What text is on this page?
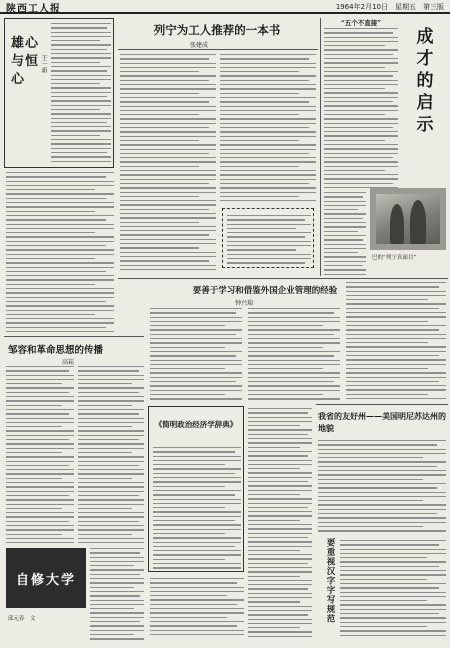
陕西工人报	1964年2月10日　星期五　第三版
雄心与恒心
王一新
列宁为工人推荐的一本书
张建成
“五个不直接”
成才的启示
巴的“列宁真面目”
要善于学习和借鉴外国企业管理的经验
钟兴瑞
邹容和革命思想的传播
高崧
《简明政治经济学辞典》
我省的友好州——美国明尼苏达州的地貌
要重视汉字字写规范
自修大学
邱元春　文
